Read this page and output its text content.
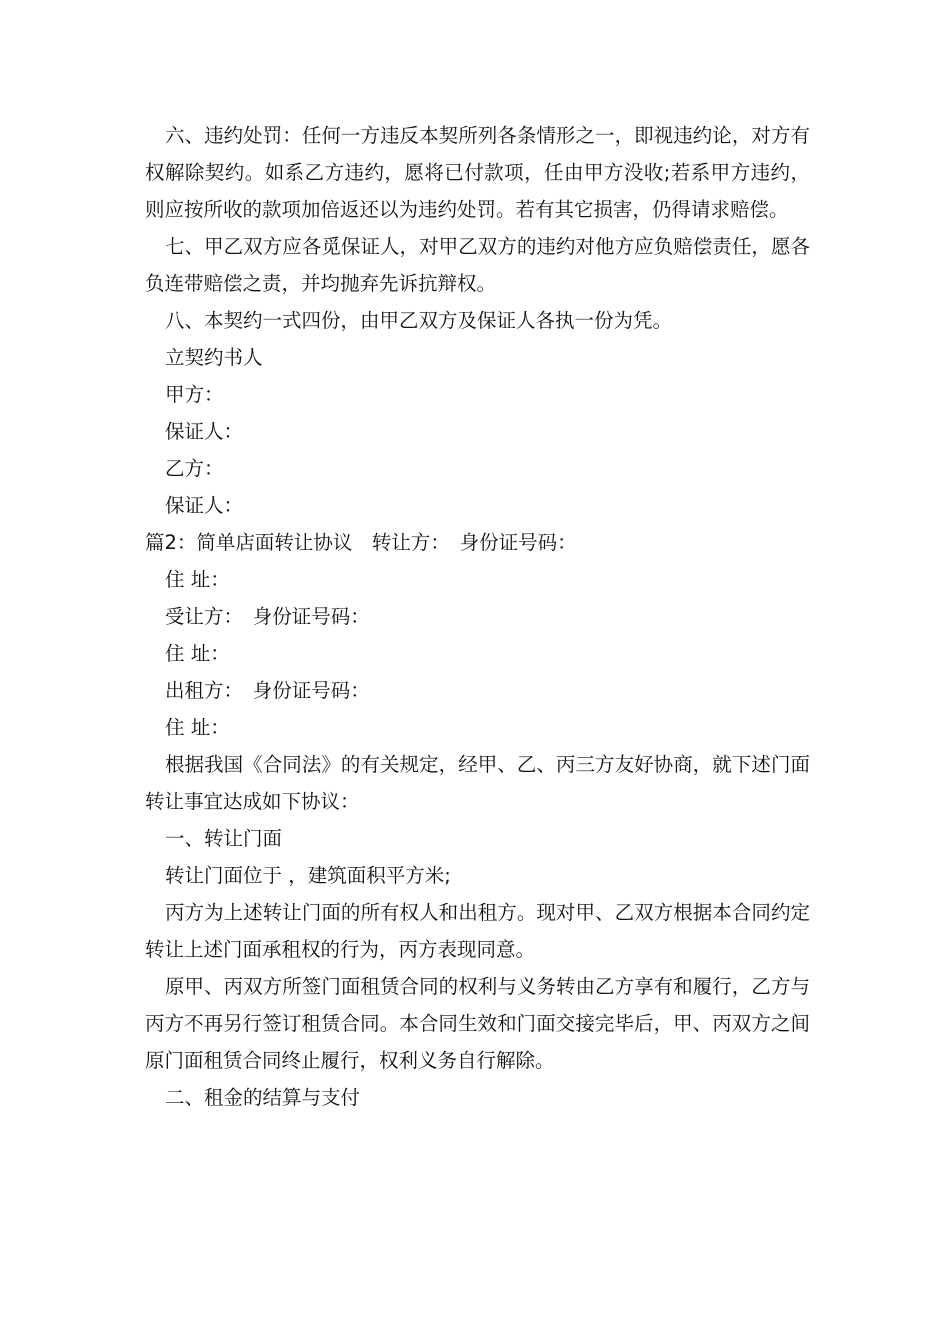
六、违约处罚：任何一方违反本契所列各条情形之一，即视违约论，对方有权解除契约。如系乙方违约，愿将已付款项，任由甲方没收;若系甲方违约，则应按所收的款项加倍返还以为违约处罚。若有其它损害，仍得请求赔偿。

七、甲乙双方应各觅保证人，对甲乙双方的违约对他方应负赔偿责任，愿各负连带赔偿之责，并均抛弃先诉抗辩权。

八、本契约一式四份，由甲乙双方及保证人各执一份为凭。

立契约书人

甲方：

保证人：

乙方：

保证人：

篇2：简单店面转让协议　转让方：　身份证号码：

住 址：

受让方：　身份证号码：

住 址：

出租方：　身份证号码：

住 址：

根据我国《合同法》的有关规定，经甲、乙、丙三方友好协商，就下述门面转让事宜达成如下协议：

一、转让门面

转让门面位于 ，建筑面积平方米;

丙方为上述转让门面的所有权人和出租方。现对甲、乙双方根据本合同约定转让上述门面承租权的行为，丙方表现同意。

原甲、丙双方所签门面租赁合同的权利与义务转由乙方享有和履行，乙方与丙方不再另行签订租赁合同。本合同生效和门面交接完毕后，甲、丙双方之间原门面租赁合同终止履行，权利义务自行解除。

二、租金的结算与支付
